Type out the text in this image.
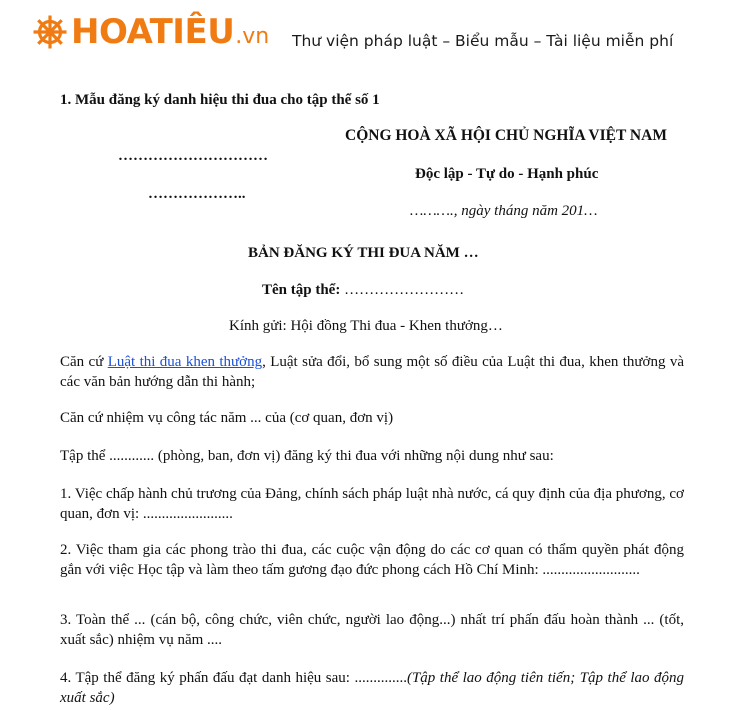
HOATIÊU .vn Thư viện pháp luật – Biểu mẫu – Tài liệu miễn phí
1. Mẫu đăng ký danh hiệu thi đua cho tập thể số 1
…………………………
………………..
CỘNG HOÀ XÃ HỘI CHỦ NGHĨA VIỆT NAM
Độc lập - Tự do - Hạnh phúc
………., ngày tháng năm 201…
BẢN ĐĂNG KÝ THI ĐUA NĂM …
Tên tập thể: ……………………
Kính gửi: Hội đồng Thi đua - Khen thưởng…
Căn cứ Luật thi đua khen thưởng, Luật sửa đổi, bổ sung một số điều của Luật thi đua, khen thưởng và các văn bản hướng dẫn thi hành;
Căn cứ nhiệm vụ công tác năm ... của (cơ quan, đơn vị)
Tập thể ............ (phòng, ban, đơn vị) đăng ký thi đua với những nội dung như sau:
1. Việc chấp hành chủ trương của Đảng, chính sách pháp luật nhà nước, cá quy định của địa phương, cơ quan, đơn vị: ........................
2. Việc tham gia các phong trào thi đua, các cuộc vận động do các cơ quan có thẩm quyền phát động gắn với việc Học tập và làm theo tấm gương đạo đức phong cách Hồ Chí Minh: ..........................
3. Toàn thể ... (cán bộ, công chức, viên chức, người lao động...) nhất trí phấn đấu hoàn thành ... (tốt, xuất sắc) nhiệm vụ năm ....
4. Tập thể đăng ký phấn đấu đạt danh hiệu sau: ..............(Tập thể lao động tiên tiến; Tập thể lao động xuất sắc)
